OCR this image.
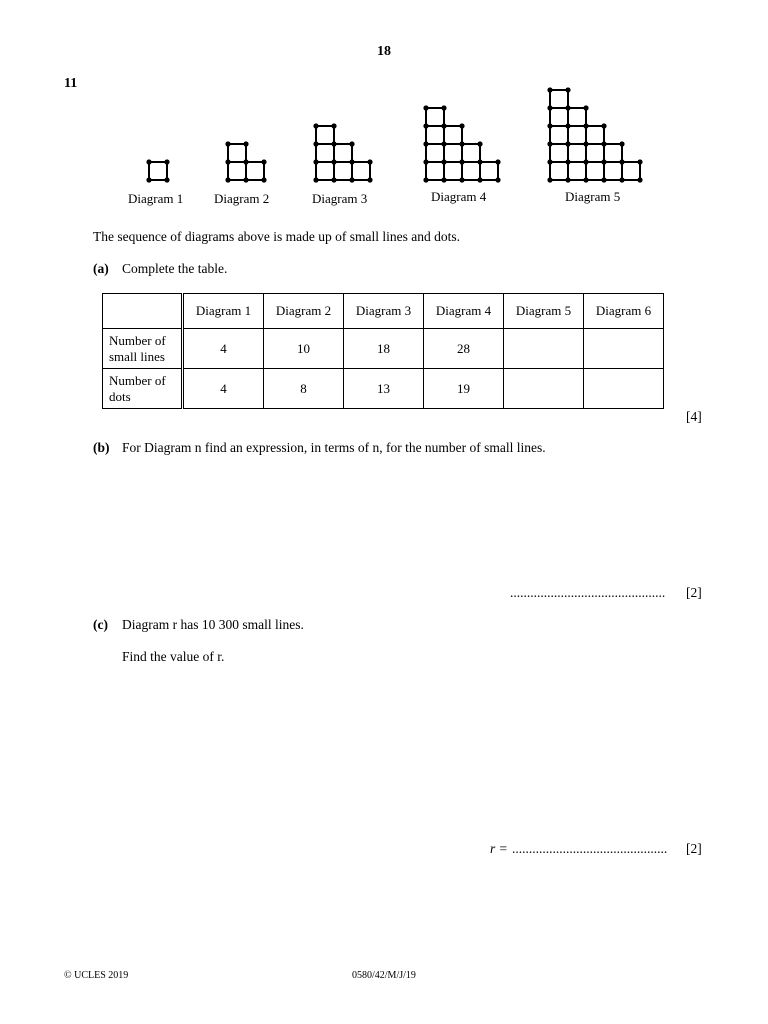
18
11
Diagram 1 Diagram 2	Diagram 3	Diagram 4	Diagram 5
The sequence of diagrams above is made up of small lines and dots.
(a) Complete the table.
	Diagram 1	Diagram 2	Diagram 3	Diagram 4	Diagram 5	Diagram 6
Number of small lines	4	10	18	28		
Number of dots	4	8	13	19		
[4]
(b) For Diagram n find an expression, in terms of n, for the number of small lines.
.............................................. [2]
(c) Diagram r has 10 300 small lines.
Find the value of r.
r = .............................................. [2]
© UCLES 2019	0580/42/M/J/19
